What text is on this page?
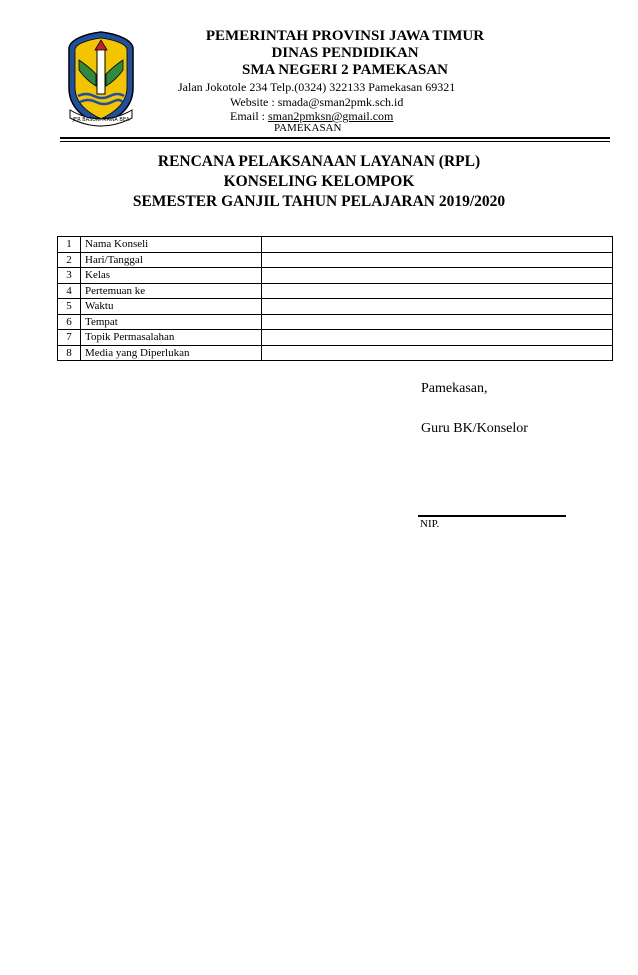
JER BASUKI MAWA BEA
PEMERINTAH PROVINSI JAWA TIMUR
DINAS PENDIDIKAN
SMA NEGERI 2 PAMEKASAN
Jalan Jokotole 234 Telp.(0324) 322133 Pamekasan 69321
Website : smada@sman2pmk.sch.id
Email : sman2pmksn@gmail.com
PAMEKASAN
RENCANA PELAKSANAAN LAYANAN (RPL)
KONSELING KELOMPOK
SEMESTER GANJIL TAHUN PELAJARAN 2019/2020
1	Nama Konseli	
2	Hari/Tanggal	
3	Kelas	
4	Pertemuan ke	
5	Waktu	
6	Tempat	
7	Topik Permasalahan	
8	Media yang Diperlukan	
Pamekasan,
Guru BK/Konselor
NIP.
